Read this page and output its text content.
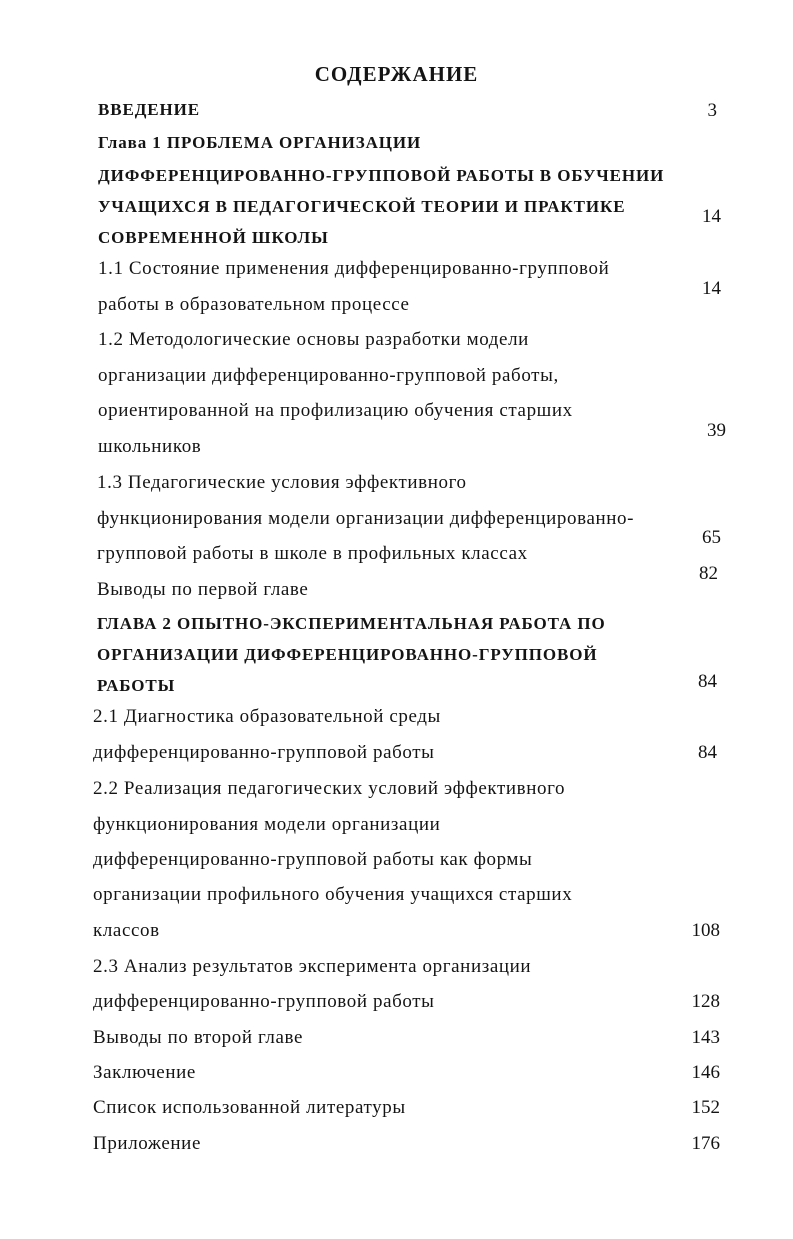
СОДЕРЖАНИЕ
ВВЕДЕНИЕ
Глава 1 ПРОБЛЕМА ОРГАНИЗАЦИИ
ДИФФЕРЕНЦИРОВАННО-ГРУППОВОЙ РАБОТЫ В ОБУЧЕНИИ
УЧАЩИХСЯ В ПЕДАГОГИЧЕСКОЙ ТЕОРИИ И ПРАКТИКЕ
СОВРЕМЕННОЙ ШКОЛЫ
1.1 Состояние применения дифференцированно-групповой
работы в образовательном процессе
1.2 Методологические основы разработки модели
организации дифференцированно-групповой работы,
ориентированной на профилизацию обучения старших
школьников
1.3 Педагогические условия эффективного
функционирования модели организации дифференцированно-
групповой работы в школе в профильных классах
Выводы по первой главе
ГЛАВА 2 ОПЫТНО-ЭКСПЕРИМЕНТАЛЬНАЯ РАБОТА ПО
ОРГАНИЗАЦИИ ДИФФЕРЕНЦИРОВАННО-ГРУППОВОЙ
РАБОТЫ
2.1 Диагностика образовательной среды
дифференцированно-групповой работы
2.2 Реализация педагогических условий эффективного
функционирования модели организации
дифференцированно-групповой работы как формы
организации профильного обучения учащихся старших
классов
2.3 Анализ результатов эксперимента организации
дифференцированно-групповой работы
Выводы по второй главе
Заключение
Список использованной литературы
Приложение
3
14
14
39
65
82
84
84
108
128
143
146
152
176
